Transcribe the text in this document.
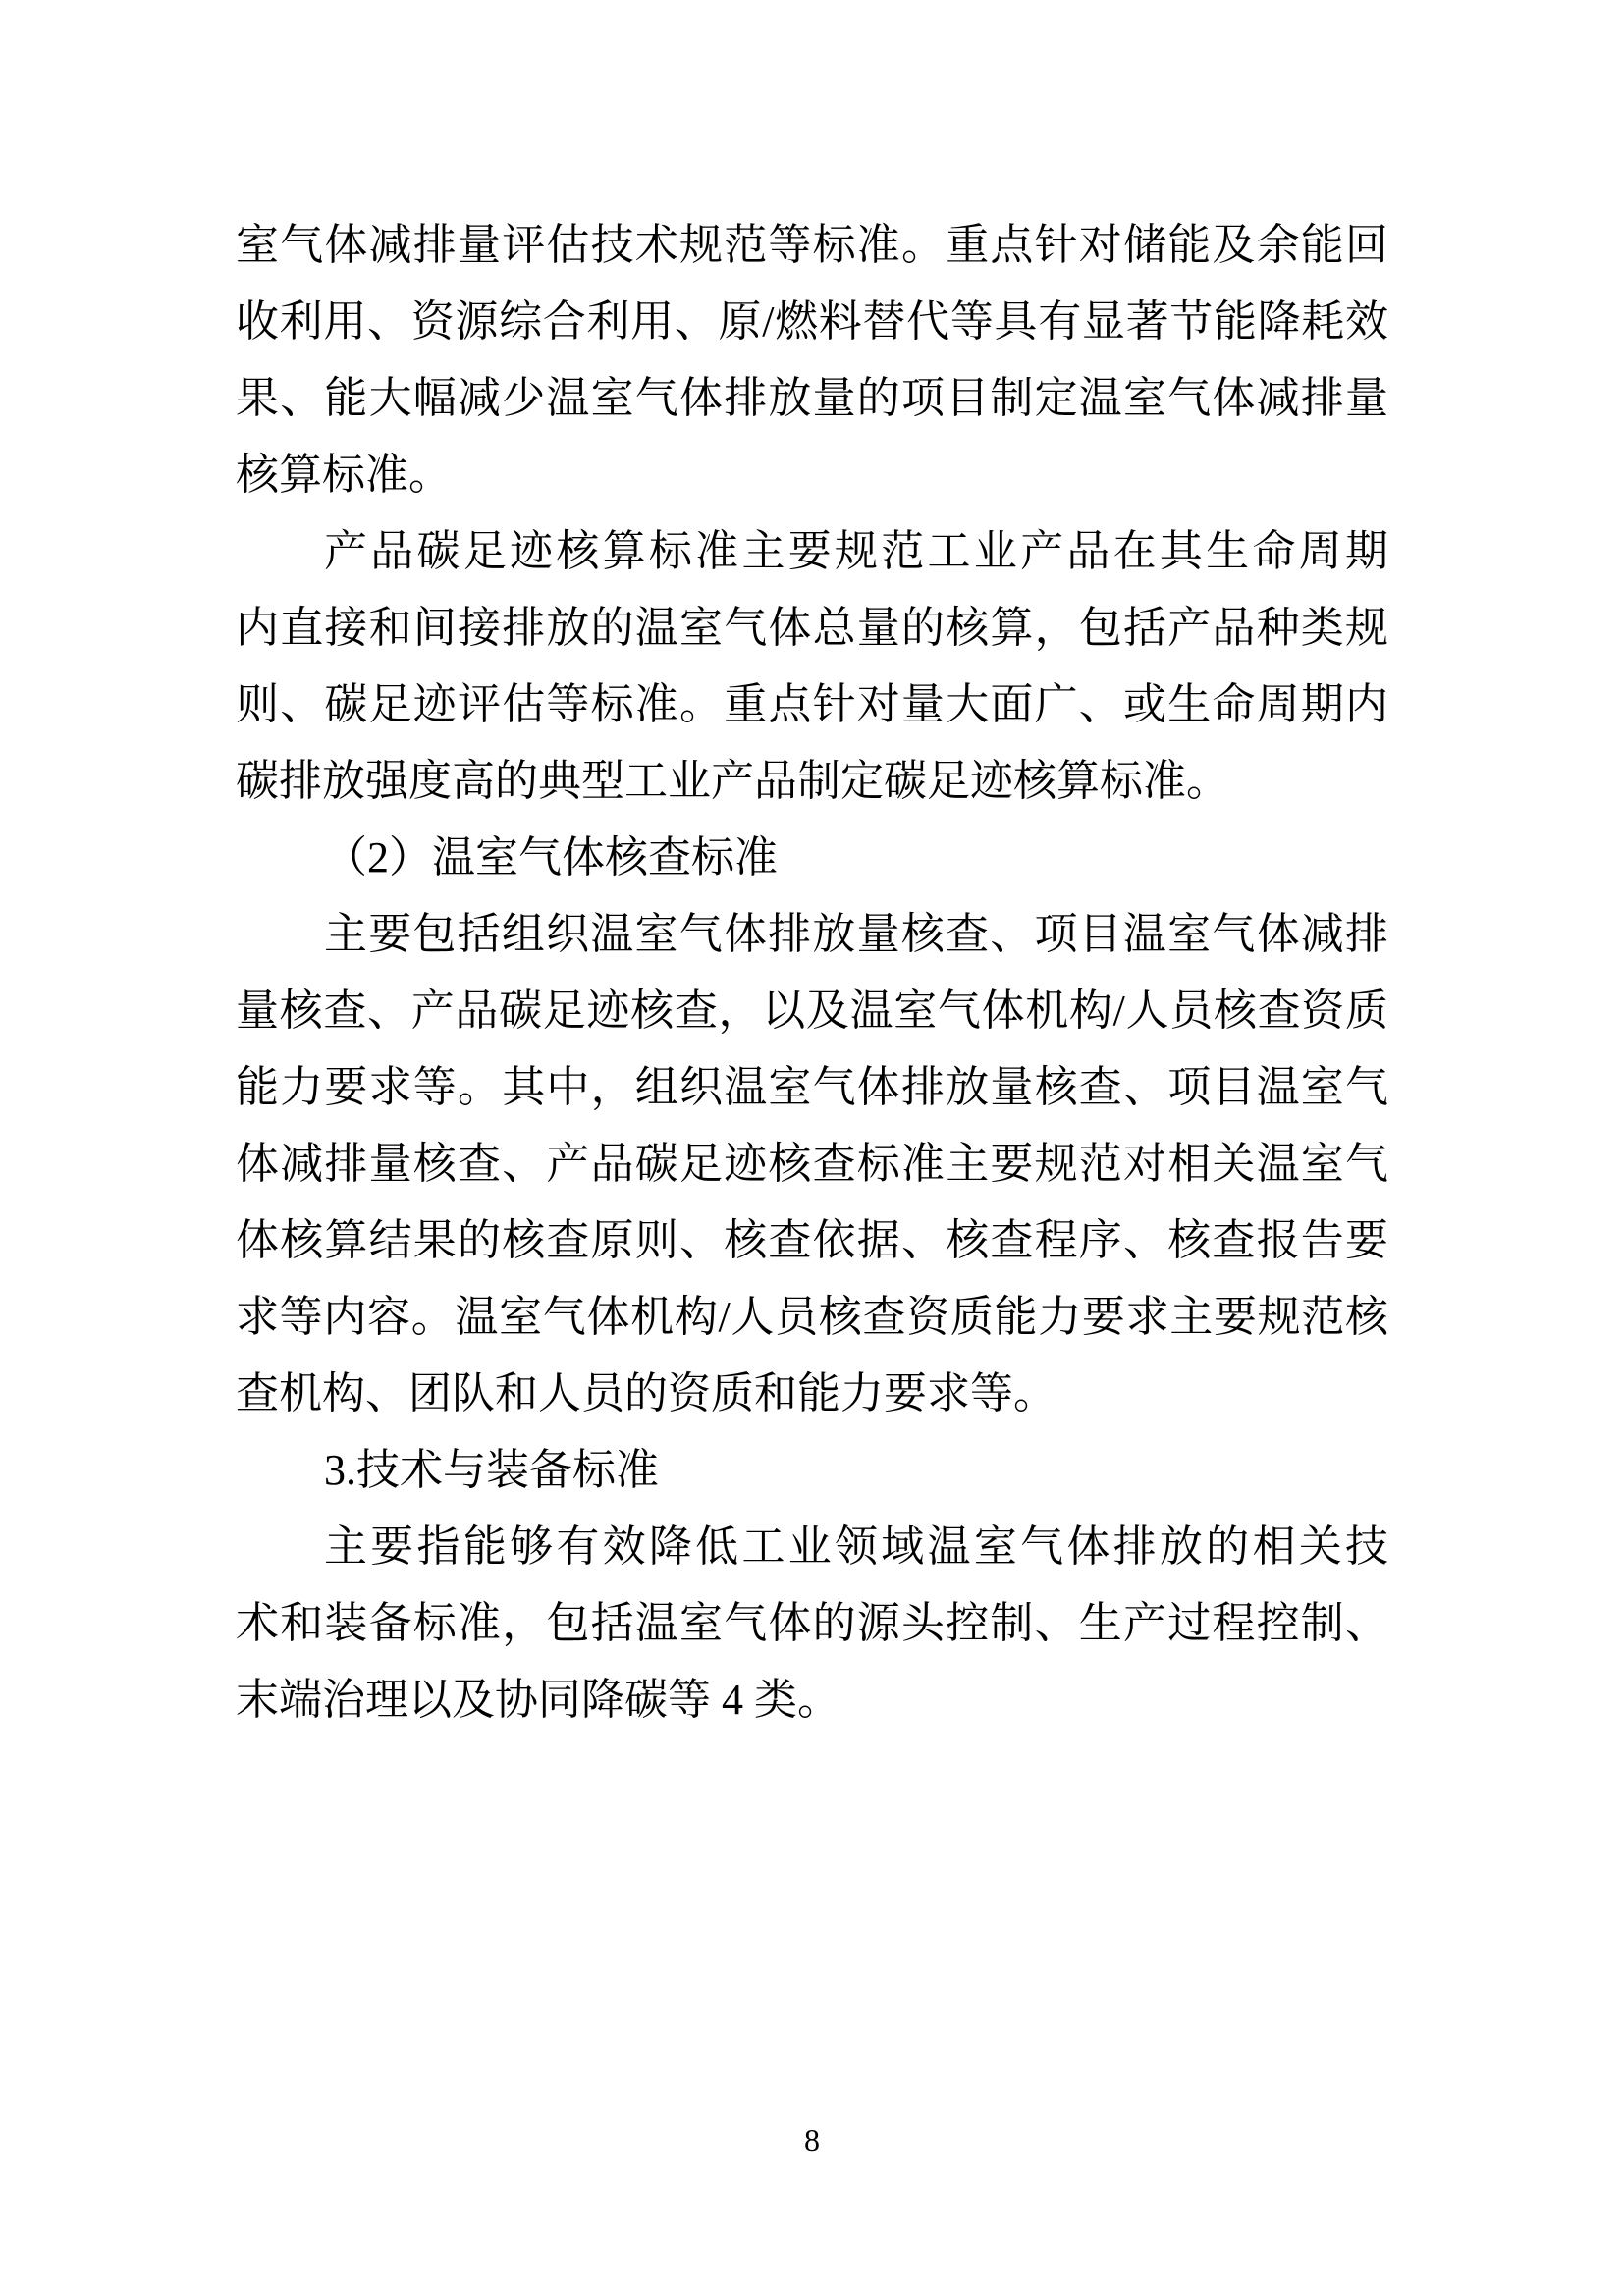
室气体减排量评估技术规范等标准。重点针对储能及余能回
收利用、资源综合利用、原/燃料替代等具有显著节能降耗效
果、能大幅减少温室气体排放量的项目制定温室气体减排量
核算标准。
产品碳足迹核算标准主要规范工业产品在其生命周期
内直接和间接排放的温室气体总量的核算，包括产品种类规
则、碳足迹评估等标准。重点针对量大面广、或生命周期内
碳排放强度高的典型工业产品制定碳足迹核算标准。
（2）温室气体核查标准
主要包括组织温室气体排放量核查、项目温室气体减排
量核查、产品碳足迹核查，以及温室气体机构/人员核查资质
能力要求等。其中，组织温室气体排放量核查、项目温室气
体减排量核查、产品碳足迹核查标准主要规范对相关温室气
体核算结果的核查原则、核查依据、核查程序、核查报告要
求等内容。温室气体机构/人员核查资质能力要求主要规范核
查机构、团队和人员的资质和能力要求等。
3.技术与装备标准
主要指能够有效降低工业领域温室气体排放的相关技
术和装备标准，包括温室气体的源头控制、生产过程控制、
末端治理以及协同降碳等 4 类。
8
